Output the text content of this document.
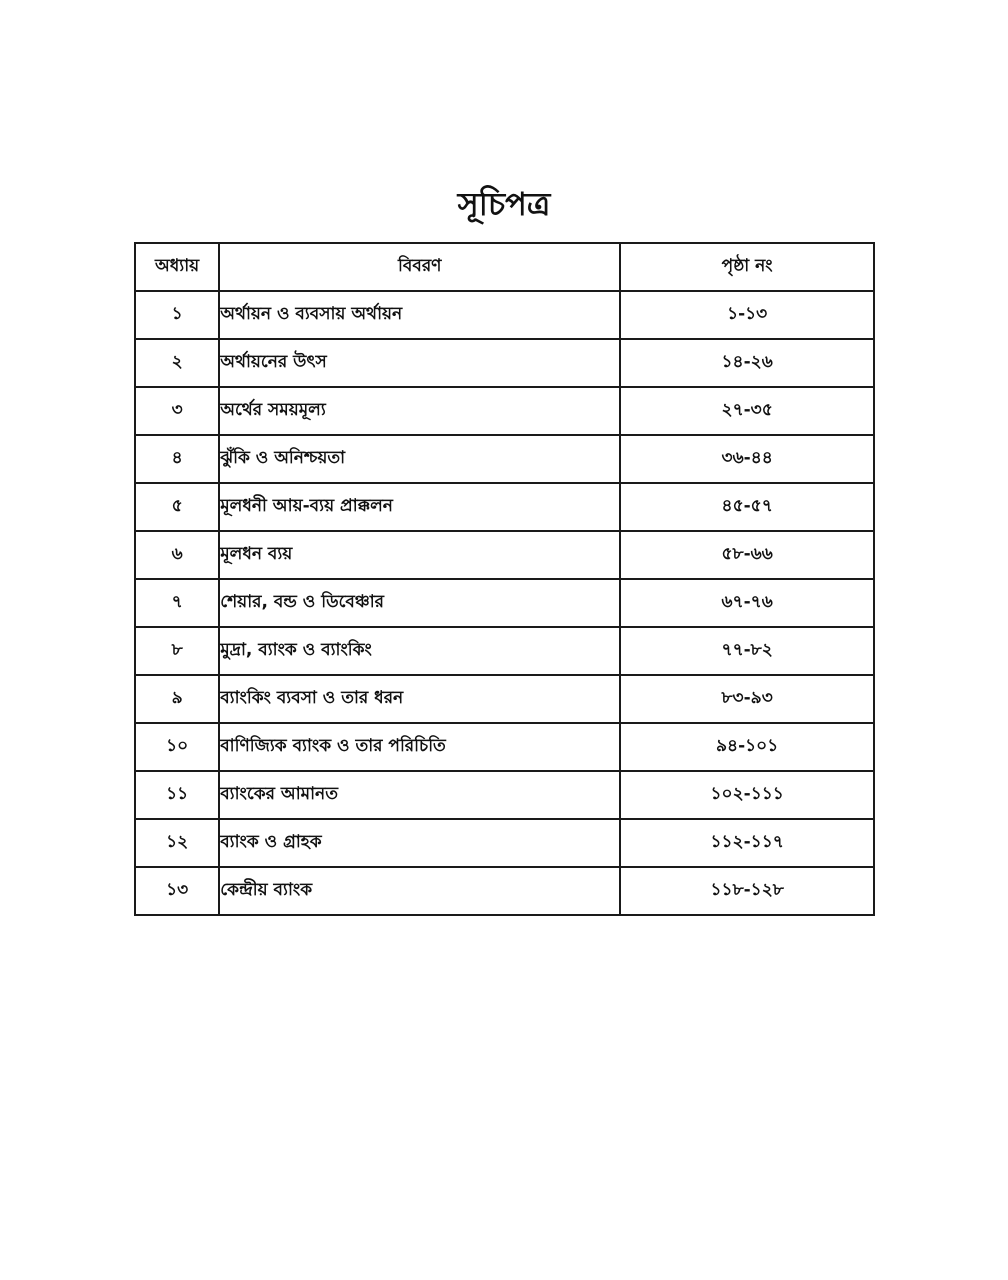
সূচিপত্র
অধ্যায়	বিবরণ	পৃষ্ঠা নং
১	অর্থায়ন ও ব্যবসায় অর্থায়ন	১-১৩
২	অর্থায়নের উৎস	১৪-২৬
৩	অর্থের সময়মূল্য	২৭-৩৫
৪	ঝুঁকি ও অনিশ্চয়তা	৩৬-৪৪
৫	মূলধনী আয়-ব্যয় প্রাক্কলন	৪৫-৫৭
৬	মূলধন ব্যয়	৫৮-৬৬
৭	শেয়ার, বন্ড ও ডিবেঞ্চার	৬৭-৭৬
৮	মুদ্রা, ব্যাংক ও ব্যাংকিং	৭৭-৮২
৯	ব্যাংকিং ব্যবসা ও তার ধরন	৮৩-৯৩
১০	বাণিজ্যিক ব্যাংক ও তার পরিচিতি	৯৪-১০১
১১	ব্যাংকের আমানত	১০২-১১১
১২	ব্যাংক ও গ্রাহক	১১২-১১৭
১৩	কেন্দ্রীয় ব্যাংক	১১৮-১২৮
